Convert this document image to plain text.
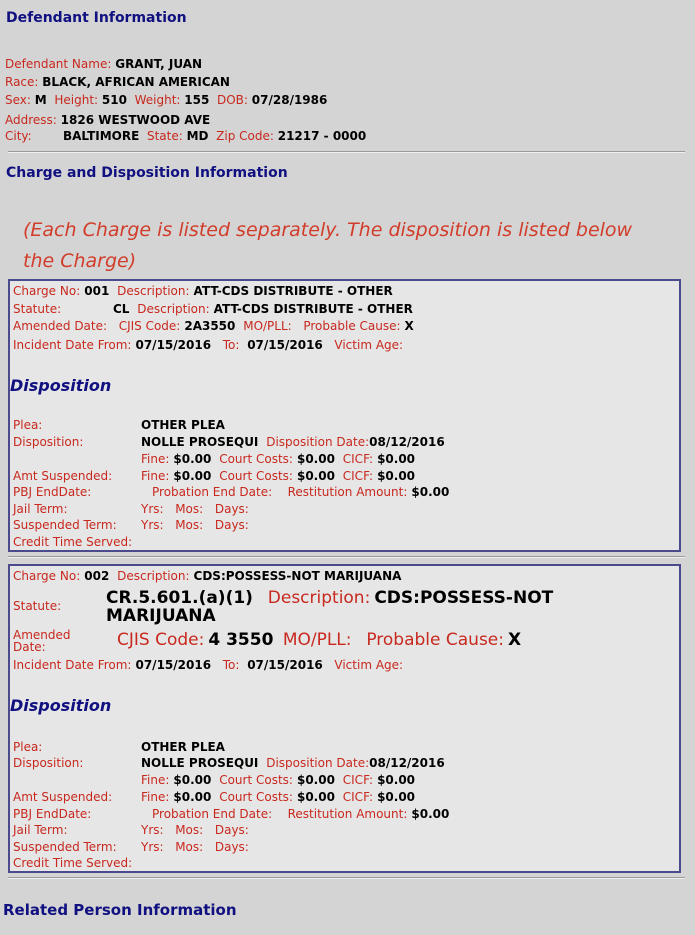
Defendant Information
Defendant Name: GRANT, JUAN
Race: BLACK, AFRICAN AMERICAN
Sex: M Height: 510 Weight: 155 DOB: 07/28/1986
Address: 1826 WESTWOOD AVE
City:	BALTIMORE State: MD Zip Code: 21217 - 0000
Charge and Disposition Information
(Each Charge is listed separately. The disposition is listed below
the Charge)
Charge No: 001 Description: ATT-CDS DISTRIBUTE - OTHER
Statute:	CL Description: ATT-CDS DISTRIBUTE - OTHER
Amended Date: CJIS Code: 2A3550 MO/PLL: Probable Cause: X
Incident Date From: 07/15/2016 To: 07/15/2016 Victim Age:
Disposition
Plea:	OTHER PLEA
Disposition:	NOLLE PROSEQUI Disposition Date:08/12/2016
Fine: $0.00 Court Costs: $0.00 CICF: $0.00
Amt Suspended:	Fine: $0.00 Court Costs: $0.00 CICF: $0.00
PBJ EndDate:	Probation End Date: Restitution Amount: $0.00
Jail Term:	Yrs: Mos: Days:
Suspended Term:	Yrs: Mos: Days:
Credit Time Served:
Charge No: 002 Description: CDS:POSSESS-NOT MARIJUANA
Statute:	CR.5.601.(a)(1) Description: CDS:POSSESS-NOT
MARIJUANA
Amended
Date:	CJIS Code: 4 3550 MO/PLL: Probable Cause: X
Incident Date From: 07/15/2016 To: 07/15/2016 Victim Age:
Disposition
Plea:	OTHER PLEA
Disposition:	NOLLE PROSEQUI Disposition Date:08/12/2016
Fine: $0.00 Court Costs: $0.00 CICF: $0.00
Amt Suspended:	Fine: $0.00 Court Costs: $0.00 CICF: $0.00
PBJ EndDate:	Probation End Date: Restitution Amount: $0.00
Jail Term:	Yrs: Mos: Days:
Suspended Term:	Yrs: Mos: Days:
Credit Time Served:
Related Person Information
